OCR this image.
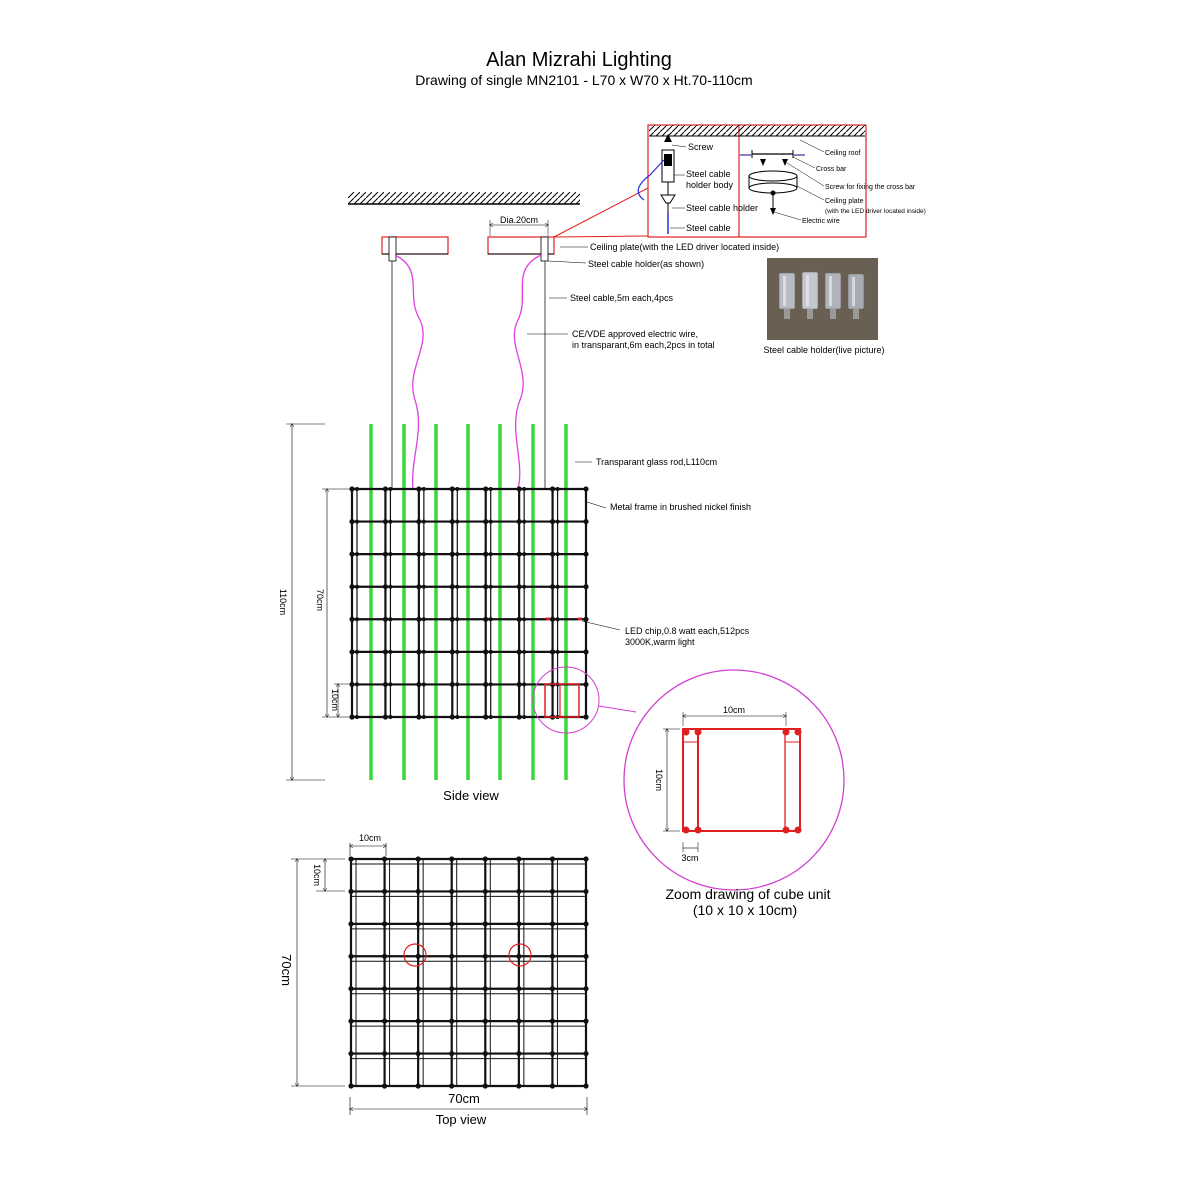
Alan Mizrahi Lighting
Drawing of single MN2101 - L70 x W70 x Ht.70-110cm
Dia.20cm
Screw
Steel cable
holder body
Steel cable holder
Steel cable
Ceiling roof
Cross bar
Screw for fixing the cross bar
Ceiling plate
(with the LED driver located inside)
Electric wire
Ceiling plate(with the LED driver located inside)
Steel cable holder(as shown)
Steel cable,5m each,4pcs
CE/VDE approved electric wire,
in transparant,6m each,2pcs in total	Steel cable holder(live picture)
110cm	70cm
10cm
Transparant glass rod,L110cm
Metal frame in brushed nickel finish
LED chip,0.8 watt each,512pcs
3000K,warm light
Side view
10cm
10cm
3cm
Zoom drawing of cube unit
(10 x 10 x 10cm)
70cm
10cm
70cm
10cm
Top view
